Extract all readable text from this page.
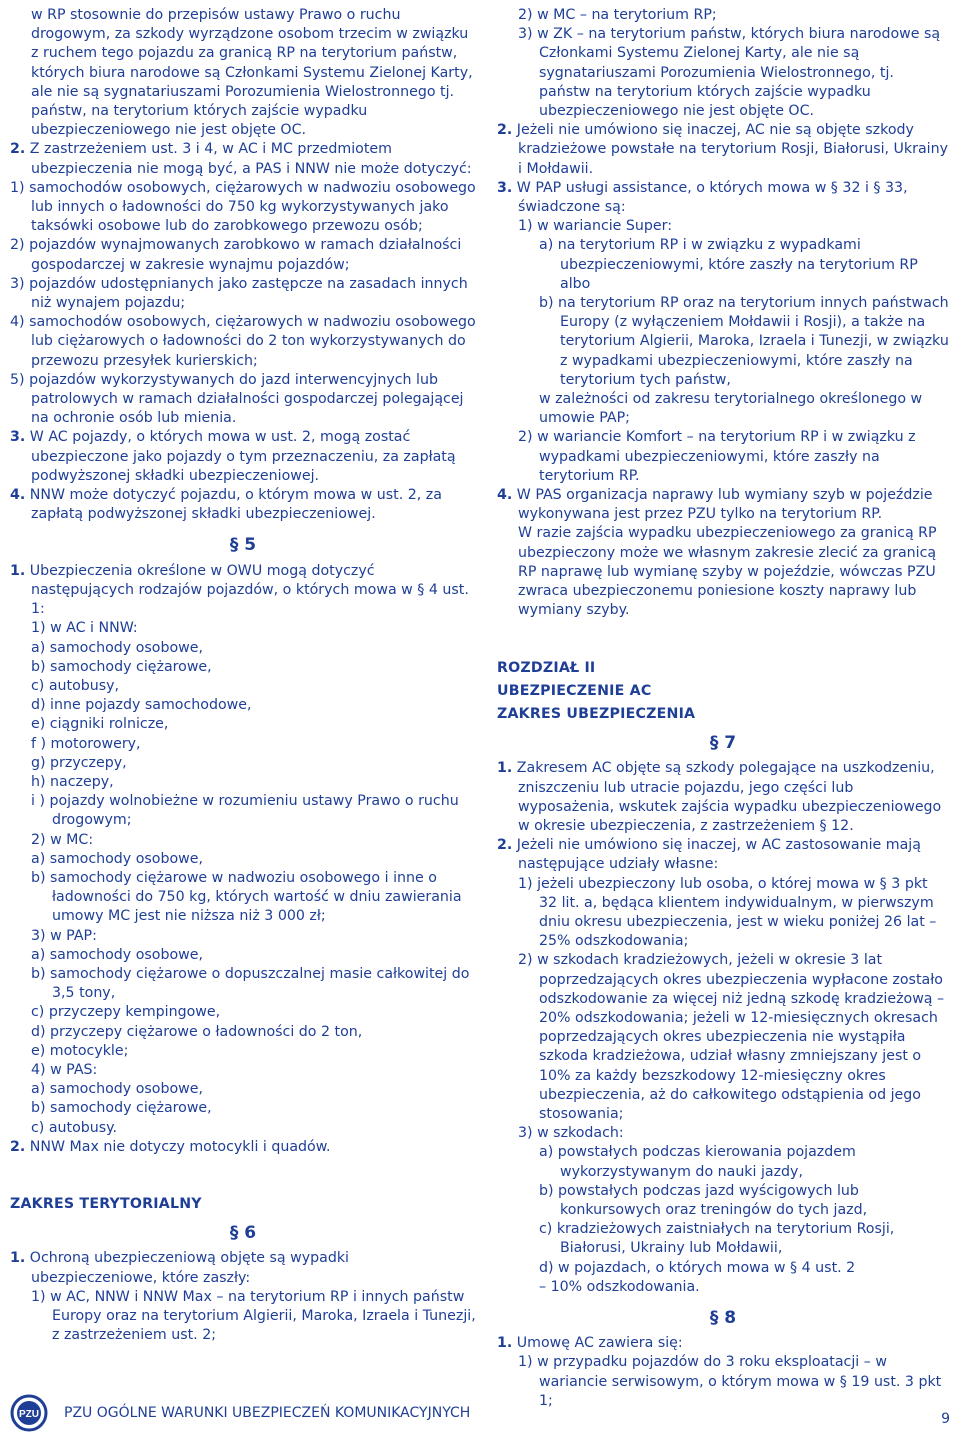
w RP stosownie do przepisów ustawy Prawo o ruchu drogowym, za szkody wyrządzone osobom trzecim w związku z ruchem tego pojazdu za granicą RP na terytorium państw, których biura narodowe są Członkami Systemu Zielonej Karty, ale nie są sygnatariuszami Porozumienia Wielostronnego tj. państw, na terytorium których zajście wypadku ubezpieczeniowego nie jest objęte OC.

2. Z zastrzeżeniem ust. 3 i 4, w AC i MC przedmiotem ubezpieczenia nie mogą być, a PAS i NNW nie może dotyczyć:

1) samochodów osobowych, ciężarowych w nadwoziu osobowego lub innych o ładowności do 750 kg wykorzystywanych jako taksówki osobowe lub do zarobkowego przewozu osób;

2) pojazdów wynajmowanych zarobkowo w ramach działalności gospodarczej w zakresie wynajmu pojazdów;

3) pojazdów udostępnianych jako zastępcze na zasadach innych niż wynajem pojazdu;

4) samochodów osobowych, ciężarowych w nadwoziu osobowego lub ciężarowych o ładowności do 2 ton wykorzystywanych do przewozu przesyłek kurierskich;

5) pojazdów wykorzystywanych do jazd interwencyjnych lub patrolowych w ramach działalności gospodarczej polegającej na ochronie osób lub mienia.

3. W AC pojazdy, o których mowa w ust. 2, mogą zostać ubezpieczone jako pojazdy o tym przeznaczeniu, za zapłatą podwyższonej składki ubezpieczeniowej.

4. NNW może dotyczyć pojazdu, o którym mowa w ust. 2, za zapłatą podwyższonej składki ubezpieczeniowej.

§ 5

1. Ubezpieczenia określone w OWU mogą dotyczyć następujących rodzajów pojazdów, o których mowa w § 4 ust. 1:

1) w AC i NNW:

a) samochody osobowe,

b) samochody ciężarowe,

c) autobusy,

d) inne pojazdy samochodowe,

e) ciągniki rolnicze,

f ) motorowery,

g) przyczepy,

h) naczepy,

i ) pojazdy wolnobieżne w rozumieniu ustawy Prawo o ruchu drogowym;

2) w MC:

a) samochody osobowe,

b) samochody ciężarowe w nadwoziu osobowego i inne o ładowności do 750 kg, których wartość w dniu zawierania umowy MC jest nie niższa niż 3 000 zł;

3) w PAP:

a) samochody osobowe,

b) samochody ciężarowe o dopuszczalnej masie całkowitej do 3,5 tony,

c) przyczepy kempingowe,

d) przyczepy ciężarowe o ładowności do 2 ton,

e) motocykle;

4) w PAS:

a) samochody osobowe,

b) samochody ciężarowe,

c) autobusy.

2. NNW Max nie dotyczy motocykli i quadów.

ZAKRES TERYTORIALNY

§ 6

1. Ochroną ubezpieczeniową objęte są wypadki ubezpieczeniowe, które zaszły:

1) w AC, NNW i NNW Max – na terytorium RP i innych państw Europy oraz na terytorium Algierii, Maroka, Izraela i Tunezji, z zastrzeżeniem ust. 2;

2) w MC – na terytorium RP;

3) w ZK – na terytorium państw, których biura narodowe są Członkami Systemu Zielonej Karty, ale nie są sygnatariuszami Porozumienia Wielostronnego, tj. państw na terytorium których zajście wypadku ubezpieczeniowego nie jest objęte OC.

2. Jeżeli nie umówiono się inaczej, AC nie są objęte szkody kradzieżowe powstałe na terytorium Rosji, Białorusi, Ukrainy i Mołdawii.

3. W PAP usługi assistance, o których mowa w § 32 i § 33, świadczone są:

1) w wariancie Super:

a) na terytorium RP i w związku z wypadkami ubezpieczeniowymi, które zaszły na terytorium RP albo

b) na terytorium RP oraz na terytorium innych państwach Europy (z wyłączeniem Mołdawii i Rosji), a także na terytorium Algierii, Maroka, Izraela i Tunezji, w związku z wypadkami ubezpieczeniowymi, które zaszły na terytorium tych państw,

w zależności od zakresu terytorialnego określonego w umowie PAP;

2) w wariancie Komfort – na terytorium RP i w związku z wypadkami ubezpieczeniowymi, które zaszły na terytorium RP.

4. W PAS organizacja naprawy lub wymiany szyb w pojeździe wykonywana jest przez PZU tylko na terytorium RP.

W razie zajścia wypadku ubezpieczeniowego za granicą RP ubezpieczony może we własnym zakresie zlecić za granicą RP naprawę lub wymianę szyby w pojeździe, wówczas PZU zwraca ubezpieczonemu poniesione koszty naprawy lub wymiany szyby.

ROZDZIAŁ II

UBEZPIECZENIE AC

ZAKRES UBEZPIECZENIA

§ 7

1. Zakresem AC objęte są szkody polegające na uszkodzeniu, zniszczeniu lub utracie pojazdu, jego części lub wyposażenia, wskutek zajścia wypadku ubezpieczeniowego w okresie ubezpieczenia, z zastrzeżeniem § 12.

2. Jeżeli nie umówiono się inaczej, w AC zastosowanie mają następujące udziały własne:

1) jeżeli ubezpieczony lub osoba, o której mowa w § 3 pkt 32 lit. a, będąca klientem indywidualnym, w pierwszym dniu okresu ubezpieczenia, jest w wieku poniżej 26 lat – 25% odszkodowania;

2) w szkodach kradzieżowych, jeżeli w okresie 3 lat poprzedzających okres ubezpieczenia wypłacone zostało odszkodowanie za więcej niż jedną szkodę kradzieżową – 20% odszkodowania; jeżeli w 12-miesięcznych okresach poprzedzających okres ubezpieczenia nie wystąpiła szkoda kradzieżowa, udział własny zmniejszany jest o 10% za każdy bezszkodowy 12-miesięczny okres ubezpieczenia, aż do całkowitego odstąpienia od jego stosowania;

3) w szkodach:

a) powstałych podczas kierowania pojazdem wykorzystywanym do nauki jazdy,

b) powstałych podczas jazd wyścigowych lub konkursowych oraz treningów do tych jazd,

c) kradzieżowych zaistniałych na terytorium Rosji, Białorusi, Ukrainy lub Mołdawii,

d) w pojazdach, o których mowa w § 4 ust. 2

– 10% odszkodowania.

§ 8

1. Umowę AC zawiera się:

1) w przypadku pojazdów do 3 roku eksploatacji – w wariancie serwisowym, o którym mowa w § 19 ust. 3 pkt 1;

PZU PZU OGÓLNE WARUNKI UBEZPIECZEŃ KOMUNIKACYJNYCH	9
